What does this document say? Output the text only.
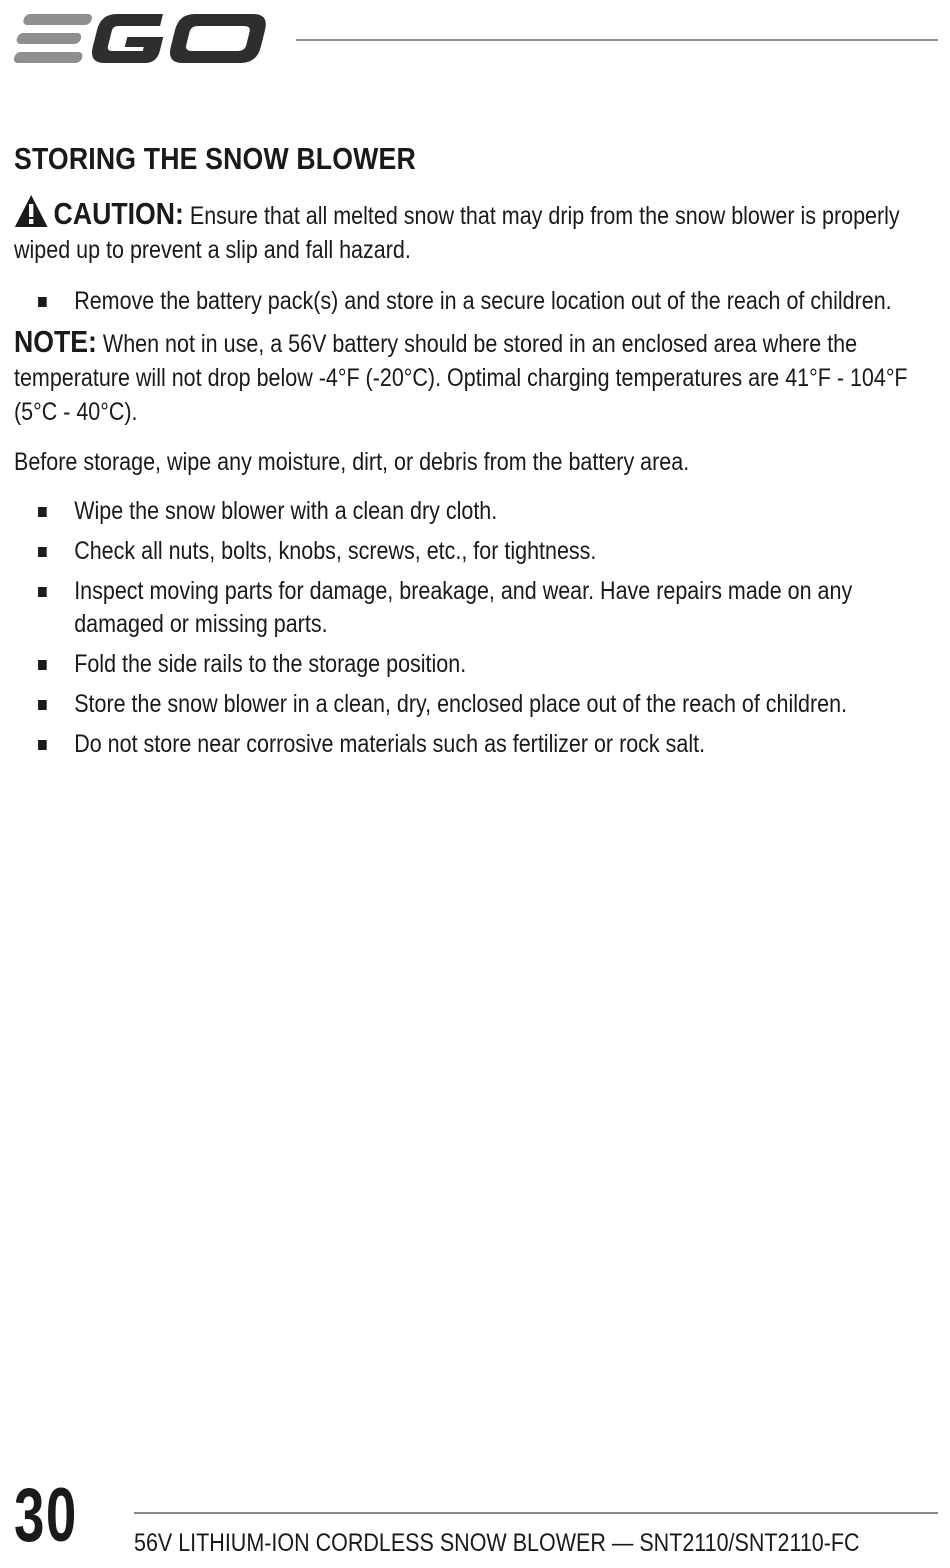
STORING THE SNOW BLOWER

CAUTION: Ensure that all melted snow that may drip from the snow blower is properly wiped up to prevent a slip and fall hazard.

Remove the battery pack(s) and store in a secure location out of the reach of children.

NOTE: When not in use, a 56V battery should be stored in an enclosed area where the temperature will not drop below -4°F (-20°C). Optimal charging temperatures are 41°F - 104°F (5°C - 40°C).

Before storage, wipe any moisture, dirt, or debris from the battery area.

Wipe the snow blower with a clean dry cloth.
Check all nuts, bolts, knobs, screws, etc., for tightness.
Inspect moving parts for damage, breakage, and wear. Have repairs made on any damaged or missing parts.
Fold the side rails to the storage position.
Store the snow blower in a clean, dry, enclosed place out of the reach of children.
Do not store near corrosive materials such as fertilizer or rock salt.
30 56V LITHIUM-ION CORDLESS SNOW BLOWER — SNT2110/SNT2110-FC
